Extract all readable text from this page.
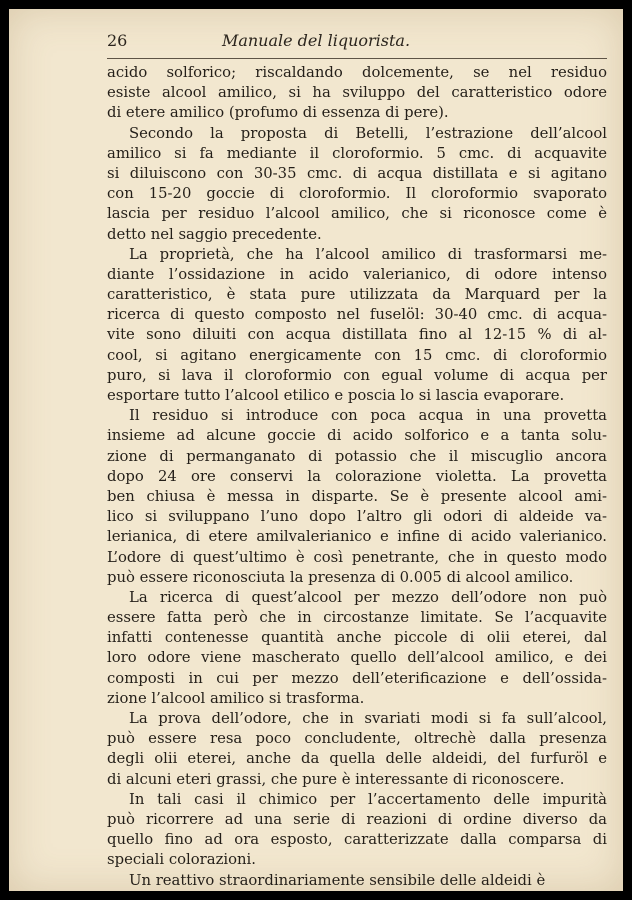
26	Manuale del liquorista.
acido solforico; riscaldando dolcemente, se nel residuo
esiste alcool amilico, si ha sviluppo del caratteristico odore
di etere amilico (profumo di essenza di pere).
Secondo la proposta di Betelli, l’estrazione dell’alcool
amilico si fa mediante il cloroformio. 5 cmc. di acquavite
si diluiscono con 30-35 cmc. di acqua distillata e si agitano
con 15-20 goccie di cloroformio. Il cloroformio svaporato
lascia per residuo l’alcool amilico, che si riconosce come è
detto nel saggio precedente.
La proprietà, che ha l’alcool amilico di trasformarsi me-
diante l’ossidazione in acido valerianico, di odore intenso
caratteristico, è stata pure utilizzata da Marquard per la
ricerca di questo composto nel fuselöl: 30-40 cmc. di acqua-
vite sono diluiti con acqua distillata fino al 12-15 % di al-
cool, si agitano energicamente con 15 cmc. di cloroformio
puro, si lava il cloroformio con egual volume di acqua per
esportare tutto l’alcool etilico e poscia lo si lascia evaporare.
Il residuo si introduce con poca acqua in una provetta
insieme ad alcune goccie di acido solforico e a tanta solu-
zione di permanganato di potassio che il miscuglio ancora
dopo 24 ore conservi la colorazione violetta. La provetta
ben chiusa è messa in disparte. Se è presente alcool ami-
lico si sviluppano l’uno dopo l’altro gli odori di aldeide va-
lerianica, di etere amilvalerianico e infine di acido valerianico.
L’odore di quest’ultimo è così penetrante, che in questo modo
può essere riconosciuta la presenza di 0.005 di alcool amilico.
La ricerca di quest’alcool per mezzo dell’odore non può
essere fatta però che in circostanze limitate. Se l’acquavite
infatti contenesse quantità anche piccole di olii eterei, dal
loro odore viene mascherato quello dell’alcool amilico, e dei
composti in cui per mezzo dell’eterificazione e dell’ossida-
zione l’alcool amilico si trasforma.
La prova dell’odore, che in svariati modi si fa sull’alcool,
può essere resa poco concludente, oltrechè dalla presenza
degli olii eterei, anche da quella delle aldeidi, del furfuröl e
di alcuni eteri grassi, che pure è interessante di riconoscere.
In tali casi il chimico per l’accertamento delle impurità
può ricorrere ad una serie di reazioni di ordine diverso da
quello fino ad ora esposto, caratterizzate dalla comparsa di
speciali colorazioni.
Un reattivo straordinariamente sensibile delle aldeidi è
